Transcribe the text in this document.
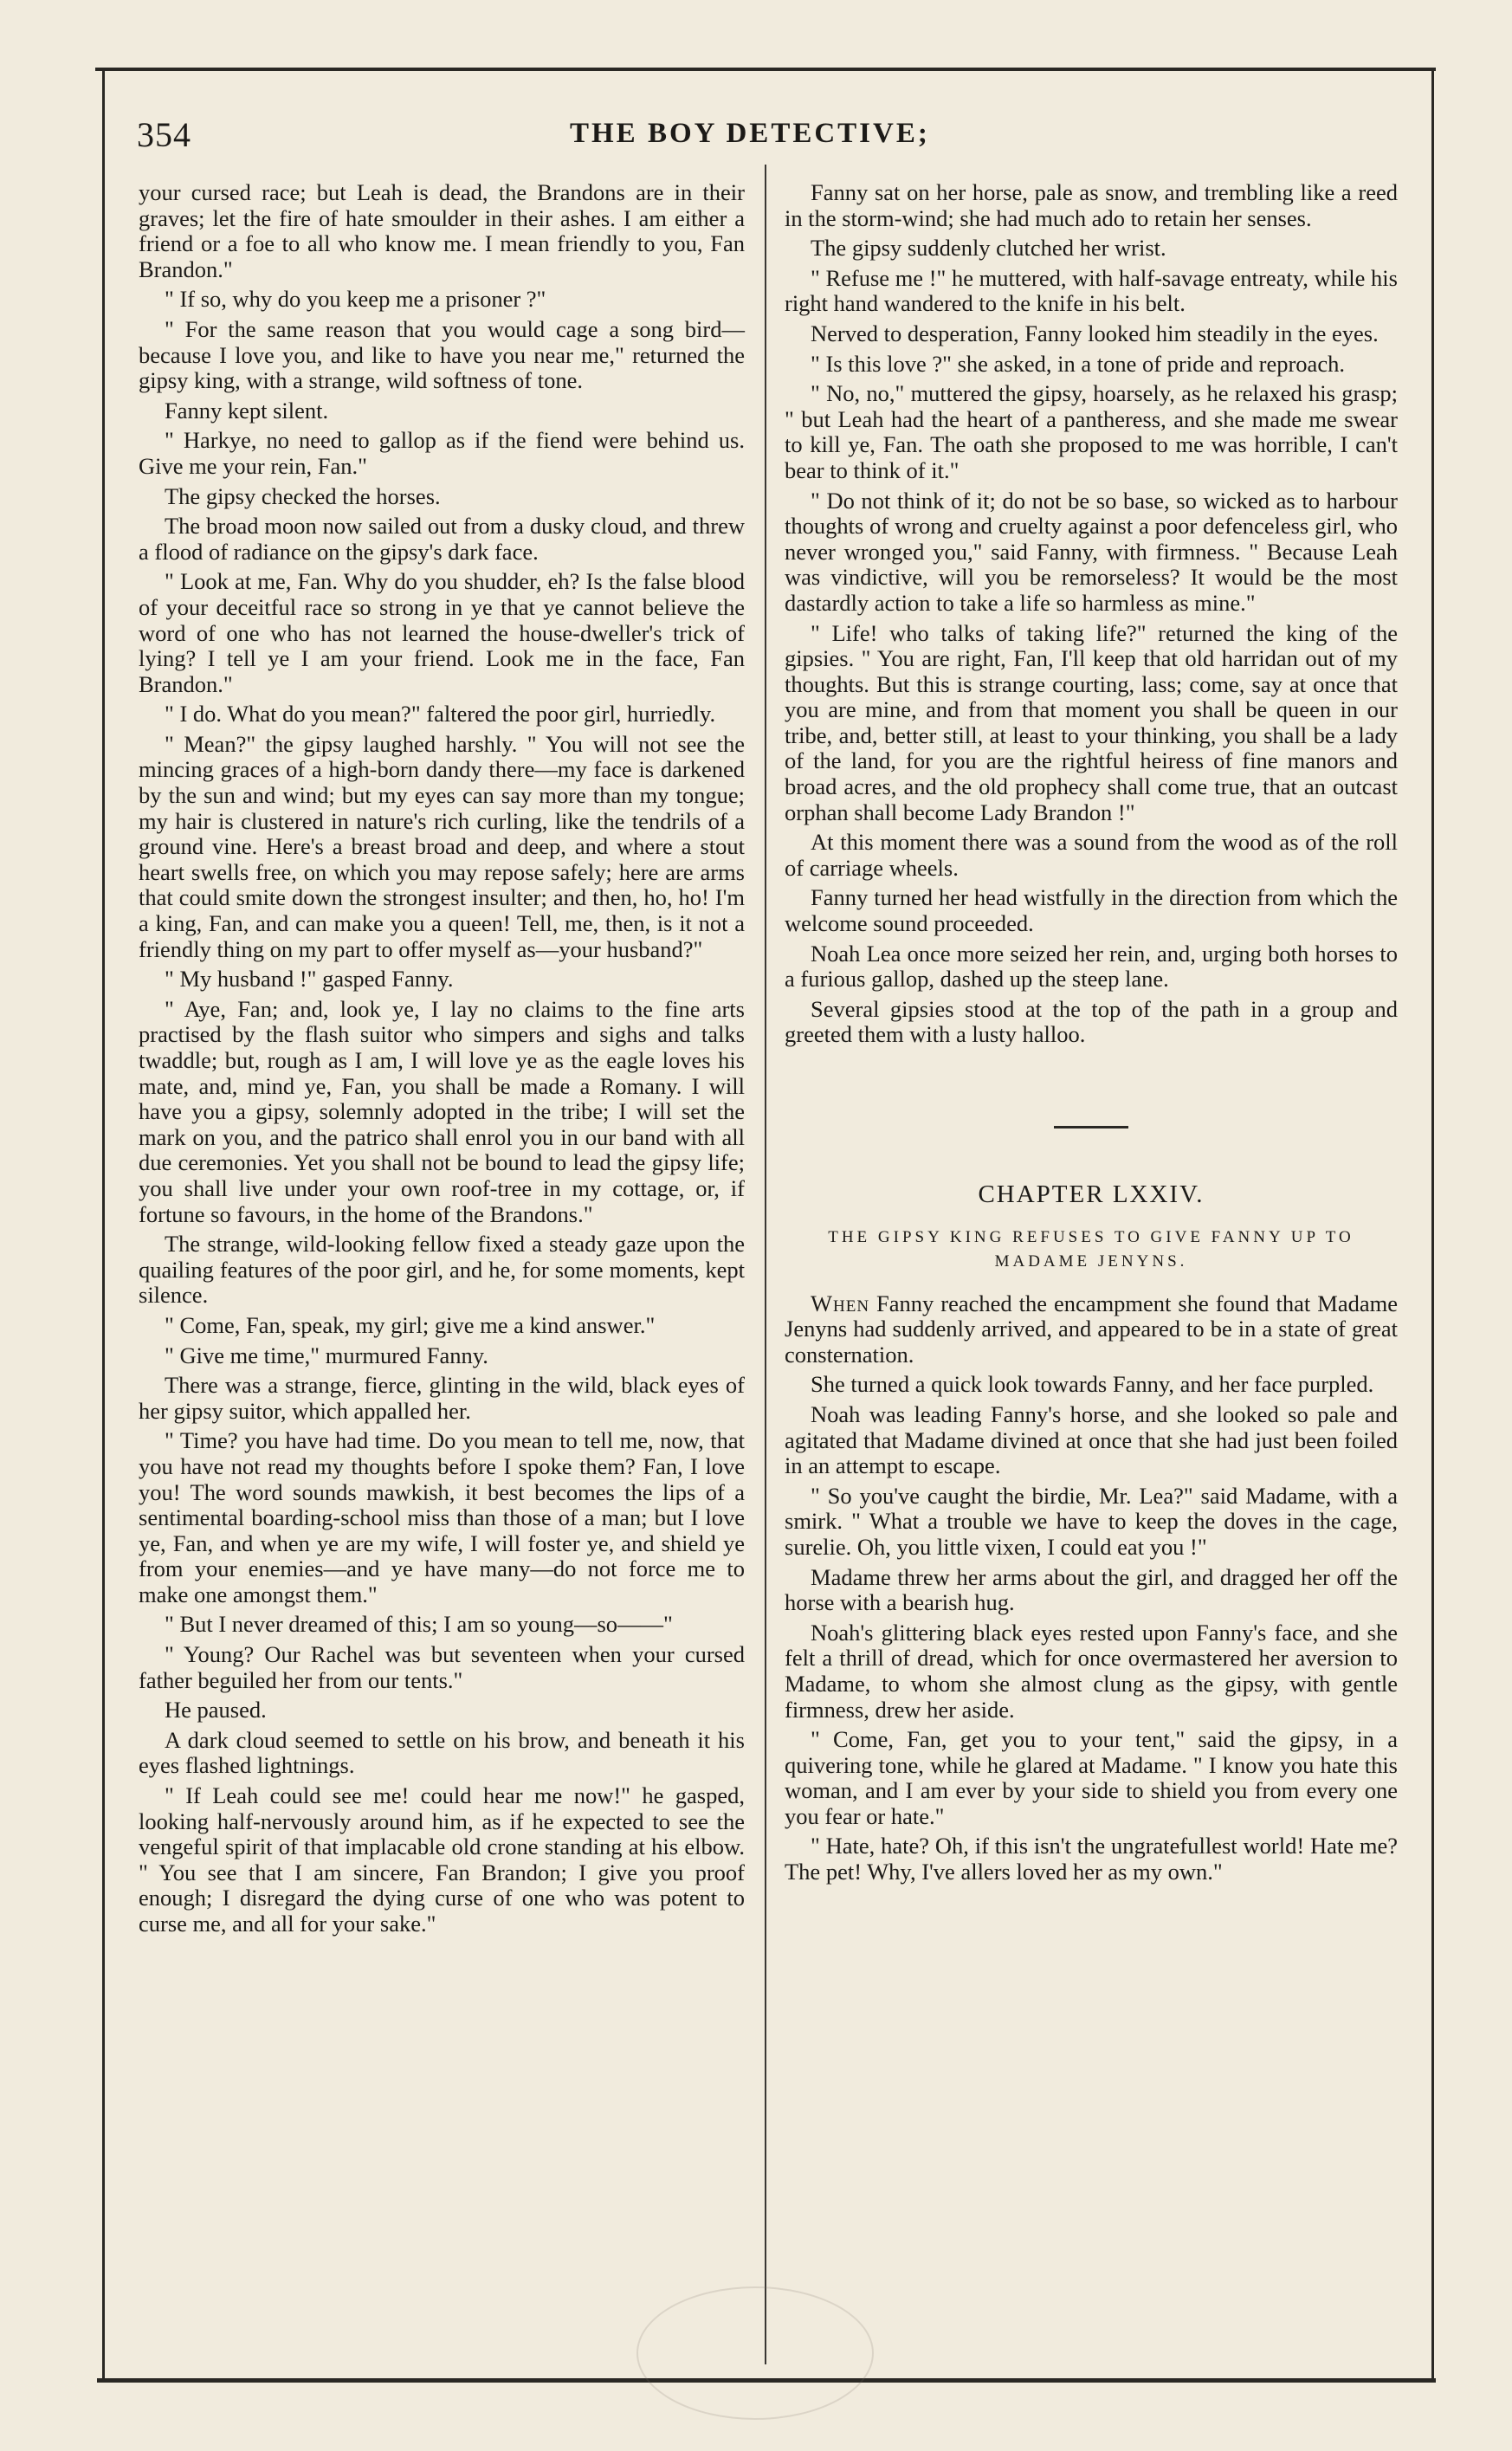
354	THE BOY DETECTIVE;

your cursed race; but Leah is dead, the Brandons are in their graves; let the fire of hate smoulder in their ashes. I am either a friend or a foe to all who know me. I mean friendly to you, Fan Brandon."

" If so, why do you keep me a prisoner ?"

" For the same reason that you would cage a song bird—because I love you, and like to have you near me," returned the gipsy king, with a strange, wild softness of tone.

Fanny kept silent.

" Harkye, no need to gallop as if the fiend were behind us. Give me your rein, Fan."

The gipsy checked the horses.

The broad moon now sailed out from a dusky cloud, and threw a flood of radiance on the gipsy's dark face.

" Look at me, Fan. Why do you shudder, eh? Is the false blood of your deceitful race so strong in ye that ye cannot believe the word of one who has not learned the house-dweller's trick of lying? I tell ye I am your friend. Look me in the face, Fan Brandon."

" I do. What do you mean?" faltered the poor girl, hurriedly.

" Mean?" the gipsy laughed harshly. " You will not see the mincing graces of a high-born dandy there—my face is darkened by the sun and wind; but my eyes can say more than my tongue; my hair is clustered in nature's rich curling, like the tendrils of a ground vine. Here's a breast broad and deep, and where a stout heart swells free, on which you may repose safely; here are arms that could smite down the strongest insulter; and then, ho, ho! I'm a king, Fan, and can make you a queen! Tell, me, then, is it not a friendly thing on my part to offer myself as—your husband?"

" My husband !" gasped Fanny.

" Aye, Fan; and, look ye, I lay no claims to the fine arts practised by the flash suitor who simpers and sighs and talks twaddle; but, rough as I am, I will love ye as the eagle loves his mate, and, mind ye, Fan, you shall be made a Romany. I will have you a gipsy, solemnly adopted in the tribe; I will set the mark on you, and the patrico shall enrol you in our band with all due ceremonies. Yet you shall not be bound to lead the gipsy life; you shall live under your own roof-tree in my cottage, or, if fortune so favours, in the home of the Brandons."

The strange, wild-looking fellow fixed a steady gaze upon the quailing features of the poor girl, and he, for some moments, kept silence.

" Come, Fan, speak, my girl; give me a kind answer."

" Give me time," murmured Fanny.

There was a strange, fierce, glinting in the wild, black eyes of her gipsy suitor, which appalled her.

" Time? you have had time. Do you mean to tell me, now, that you have not read my thoughts before I spoke them? Fan, I love you! The word sounds mawkish, it best becomes the lips of a sentimental boarding-school miss than those of a man; but I love ye, Fan, and when ye are my wife, I will foster ye, and shield ye from your enemies—and ye have many—do not force me to make one amongst them."

" But I never dreamed of this; I am so young—so——"

" Young? Our Rachel was but seventeen when your cursed father beguiled her from our tents."

He paused.

A dark cloud seemed to settle on his brow, and beneath it his eyes flashed lightnings.

" If Leah could see me! could hear me now!" he gasped, looking half-nervously around him, as if he expected to see the vengeful spirit of that implacable old crone standing at his elbow. " You see that I am sincere, Fan Brandon; I give you proof enough; I disregard the dying curse of one who was potent to curse me, and all for your sake."

Fanny sat on her horse, pale as snow, and trembling like a reed in the storm-wind; she had much ado to retain her senses.

The gipsy suddenly clutched her wrist.

" Refuse me !" he muttered, with half-savage entreaty, while his right hand wandered to the knife in his belt.

Nerved to desperation, Fanny looked him steadily in the eyes.

" Is this love ?" she asked, in a tone of pride and reproach.

" No, no," muttered the gipsy, hoarsely, as he relaxed his grasp; " but Leah had the heart of a pantheress, and she made me swear to kill ye, Fan. The oath she proposed to me was horrible, I can't bear to think of it."

" Do not think of it; do not be so base, so wicked as to harbour thoughts of wrong and cruelty against a poor defenceless girl, who never wronged you," said Fanny, with firmness. " Because Leah was vindictive, will you be remorseless? It would be the most dastardly action to take a life so harmless as mine."

" Life! who talks of taking life?" returned the king of the gipsies. " You are right, Fan, I'll keep that old harridan out of my thoughts. But this is strange courting, lass; come, say at once that you are mine, and from that moment you shall be queen in our tribe, and, better still, at least to your thinking, you shall be a lady of the land, for you are the rightful heiress of fine manors and broad acres, and the old prophecy shall come true, that an outcast orphan shall become Lady Brandon !"

At this moment there was a sound from the wood as of the roll of carriage wheels.

Fanny turned her head wistfully in the direction from which the welcome sound proceeded.

Noah Lea once more seized her rein, and, urging both horses to a furious gallop, dashed up the steep lane.

Several gipsies stood at the top of the path in a group and greeted them with a lusty halloo.

CHAPTER LXXIV.
THE GIPSY KING REFUSES TO GIVE FANNY UP TO MADAME JENYNS.

When Fanny reached the encampment she found that Madame Jenyns had suddenly arrived, and appeared to be in a state of great consternation.

She turned a quick look towards Fanny, and her face purpled.

Noah was leading Fanny's horse, and she looked so pale and agitated that Madame divined at once that she had just been foiled in an attempt to escape.

" So you've caught the birdie, Mr. Lea?" said Madame, with a smirk. " What a trouble we have to keep the doves in the cage, surelie. Oh, you little vixen, I could eat you !"

Madame threw her arms about the girl, and dragged her off the horse with a bearish hug.

Noah's glittering black eyes rested upon Fanny's face, and she felt a thrill of dread, which for once overmastered her aversion to Madame, to whom she almost clung as the gipsy, with gentle firmness, drew her aside.

" Come, Fan, get you to your tent," said the gipsy, in a quivering tone, while he glared at Madame. " I know you hate this woman, and I am ever by your side to shield you from every one you fear or hate."

" Hate, hate? Oh, if this isn't the ungratefullest world! Hate me? The pet! Why, I've allers loved her as my own."
